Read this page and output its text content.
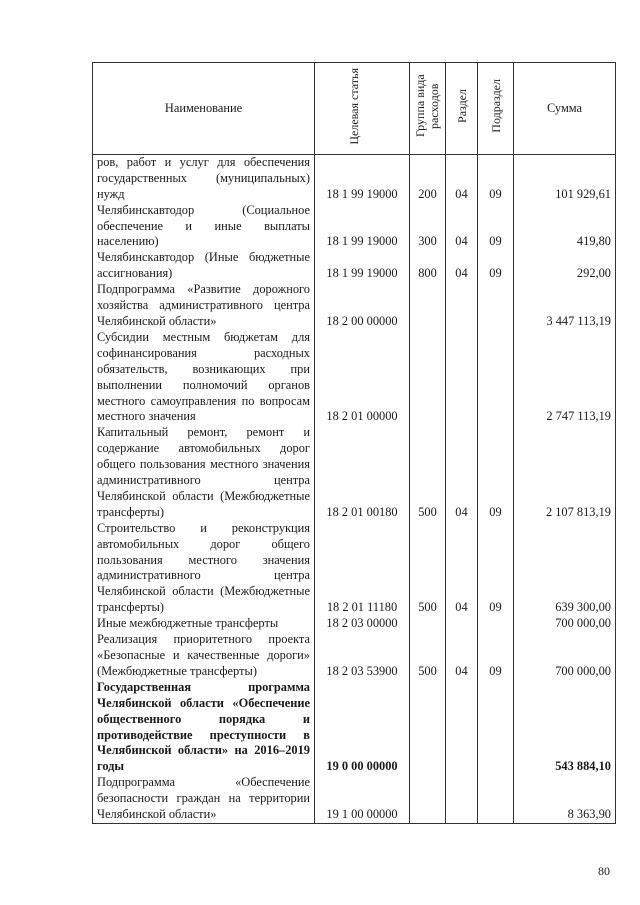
Наименование	Целевая статья	Группа вида расходов	Раздел	Подраздел	Сумма
ров, работ и услуг для обеспечения государственных (муниципальных) нужд	18 1 99 19000	200	04	09	101 929,61
Челябинскавтодор (Социальное обеспечение и иные выплаты населению)	18 1 99 19000	300	04	09	419,80
Челябинскавтодор (Иные бюджетные ассигнования)	18 1 99 19000	800	04	09	292,00
Подпрограмма «Развитие дорожного хозяйства административного центра Челябинской области»	18 2 00 00000				3 447 113,19
Субсидии местным бюджетам для софинансирования расходных обязательств, возникающих при выполнении полномочий органов местного самоуправления по вопросам местного значения	18 2 01 00000				2 747 113,19
Капитальный ремонт, ремонт и содержание автомобильных дорог общего пользования местного значения административного центра Челябинской области (Межбюджетные трансферты)	18 2 01 00180	500	04	09	2 107 813,19
Строительство и реконструкция автомобильных дорог общего пользования местного значения административного центра Челябинской области (Межбюджетные трансферты)	18 2 01 11180	500	04	09	639 300,00
Иные межбюджетные трансферты	18 2 03 00000				700 000,00
Реализация приоритетного проекта «Безопасные и качественные дороги» (Межбюджетные трансферты)	18 2 03 53900	500	04	09	700 000,00
Государственная программа Челябинской области «Обеспечение общественного порядка и противодействие преступности в Челябинской области» на 2016–2019 годы	19 0 00 00000				543 884,10
Подпрограмма «Обеспечение безопасности граждан на территории Челябинской области»	19 1 00 00000				8 363,90
80
